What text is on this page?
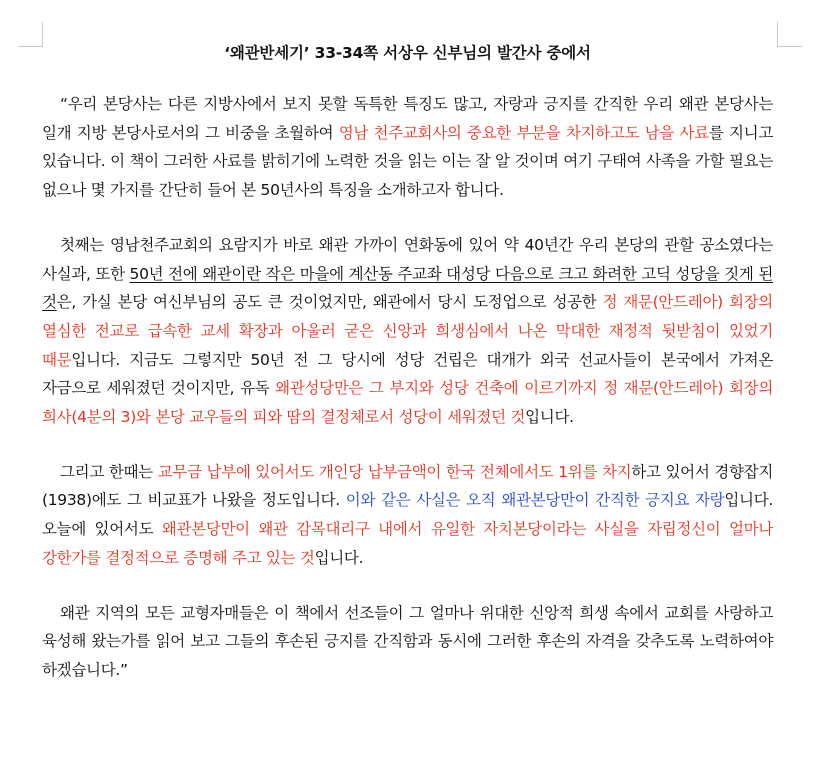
‘왜관반세기’ 33-34쪽 서상우 신부님의 발간사 중에서

“우리 본당사는 다른 지방사에서 보지 못할 독특한 특징도 많고, 자랑과 긍지를 간직한 우리 왜관 본당사는 일개 지방 본당사로서의 그 비중을 초월하여 영남 천주교회사의 중요한 부분을 차지하고도 남을 사료를 지니고 있습니다. 이 책이 그러한 사료를 밝히기에 노력한 것을 읽는 이는 잘 알 것이며 여기 구태여 사족을 가할 필요는 없으나 몇 가지를 간단히 들어 본 50년사의 특징을 소개하고자 합니다.

첫째는 영남천주교회의 요람지가 바로 왜관 가까이 연화동에 있어 약 40년간 우리 본당의 관할 공소였다는 사실과, 또한 50년 전에 왜관이란 작은 마을에 계산동 주교좌 대성당 다음으로 크고 화려한 고딕 성당을 짓게 된 것은, 가실 본당 여신부님의 공도 큰 것이었지만, 왜관에서 당시 도정업으로 성공한 정 재문(안드레아) 회장의 열심한 전교로 급속한 교세 확장과 아울러 굳은 신앙과 희생심에서 나온 막대한 재정적 뒷받침이 있었기 때문입니다. 지금도 그렇지만 50년 전 그 당시에 성당 건립은 대개가 외국 선교사들이 본국에서 가져온 자금으로 세워졌던 것이지만, 유독 왜관성당만은 그 부지와 성당 건축에 이르기까지 정 재문(안드레아) 회장의 희사(4분의 3)와 본당 교우들의 피와 땀의 결정체로서 성당이 세워졌던 것입니다.

그리고 한때는 교무금 납부에 있어서도 개인당 납부금액이 한국 전체에서도 1위를 차지하고 있어서 경향잡지(1938)에도 그 비교표가 나왔을 정도입니다. 이와 같은 사실은 오직 왜관본당만이 간직한 긍지요 자랑입니다. 오늘에 있어서도 왜관본당만이 왜관 감목대리구 내에서 유일한 자치본당이라는 사실을 자립정신이 얼마나 강한가를 결정적으로 증명해 주고 있는 것입니다.

왜관 지역의 모든 교형자매들은 이 책에서 선조들이 그 얼마나 위대한 신앙적 희생 속에서 교회를 사랑하고 육성해 왔는가를 읽어 보고 그들의 후손된 긍지를 간직함과 동시에 그러한 후손의 자격을 갖추도록 노력하여야 하겠습니다.”
